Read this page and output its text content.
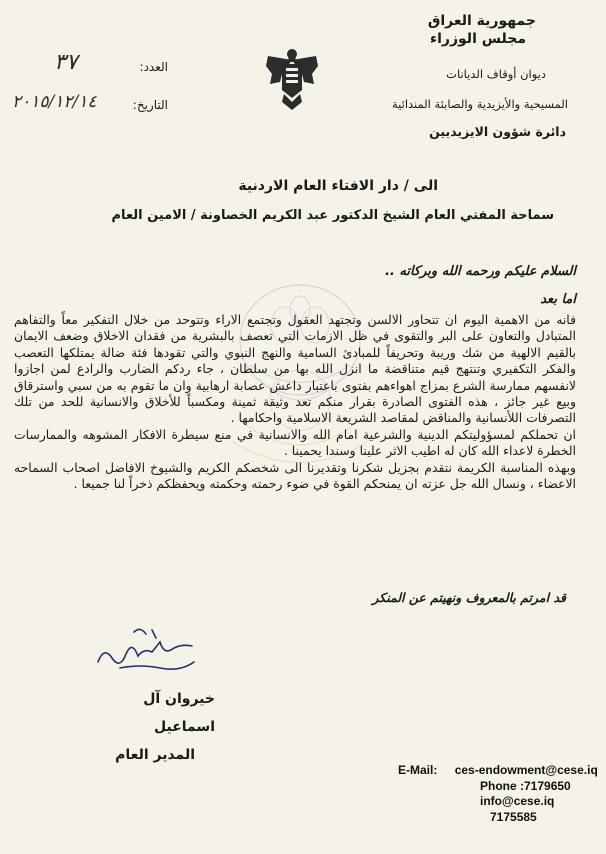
جمهورية العراق
مجلس الوزراء
ديوان أوقاف الديانات
المسيحية والأيزيدية والصابئة المندائية
دائرة شؤون الايزيديين
العدد:
٣٧
التاريخ:
٢٠١٥/١٢/١٤
الى / دار الافتاء العام الاردنية
سماحة المفتي العام الشيخ الدكتور عبد الكريم الخصاونة / الامين العام
السلام عليكم ورحمه الله وبركاته ..
اما بعد

فانه من الاهمية اليوم ان تتحاور الالسن وتجتهد العقول وتجتمع الاراء وتتوحد من خلال التفكير معاً والتفاهم المتبادل والتعاون على البر والتقوى في ظل الازمات التي تعصف بالبشرية من فقدان الاخلاق وضعف الايمان بالقيم الالهية من شك وريبة وتحريفاً للمبادئ السامية والنهج النبوي والتي تقودها فئة ضالة يمتلكها التعصب والفكر التكفيري وتنتهج قيم متناقضة ما انزل الله بها من سلطان ، جاء ردكم الضارب والرادع لمن اجازوا لانفسهم ممارسة الشرع بمزاج اهواءهم بفتوى باعتبار داعش عصابة ارهابية وان ما تقوم به من سبي واسترقاق وبيع غير جائز ، هذه الفتوى الصادرة بقرار منكم تعد وثيقة ثمينة ومكسباً للأخلاق والانسانية للحد من تلك التصرفات اللأنسانية والمناقض لمقاصد الشريعة الاسلامية واحكامها .

ان تحملكم لمسؤوليتكم الدينية والشرعية امام الله والانسانية في منع سيطرة الافكار المشوهه والممارسات الخطرة لاعداء الله كان له اطيب الاثر علينا وسندا يحمينا .

وبهذه المناسبة الكريمة نتقدم بجزيل شكرنا وتقديرنا الى شخصكم الكريم والشيوخ الافاضل اصحاب السماحه الاعضاء ، ونسال الله جل عزته ان يمنحكم القوة في ضوء رحمته وحكمته ويحفظكم ذخراً لنا جميعا .

قد امرتم بالمعروف ونهيتم عن المنكر
خيروان آل اسماعيل
المدير العام
E-Mail: ces-endowment@cese.iq
Phone :7179650
info@cese.iq
7175585
